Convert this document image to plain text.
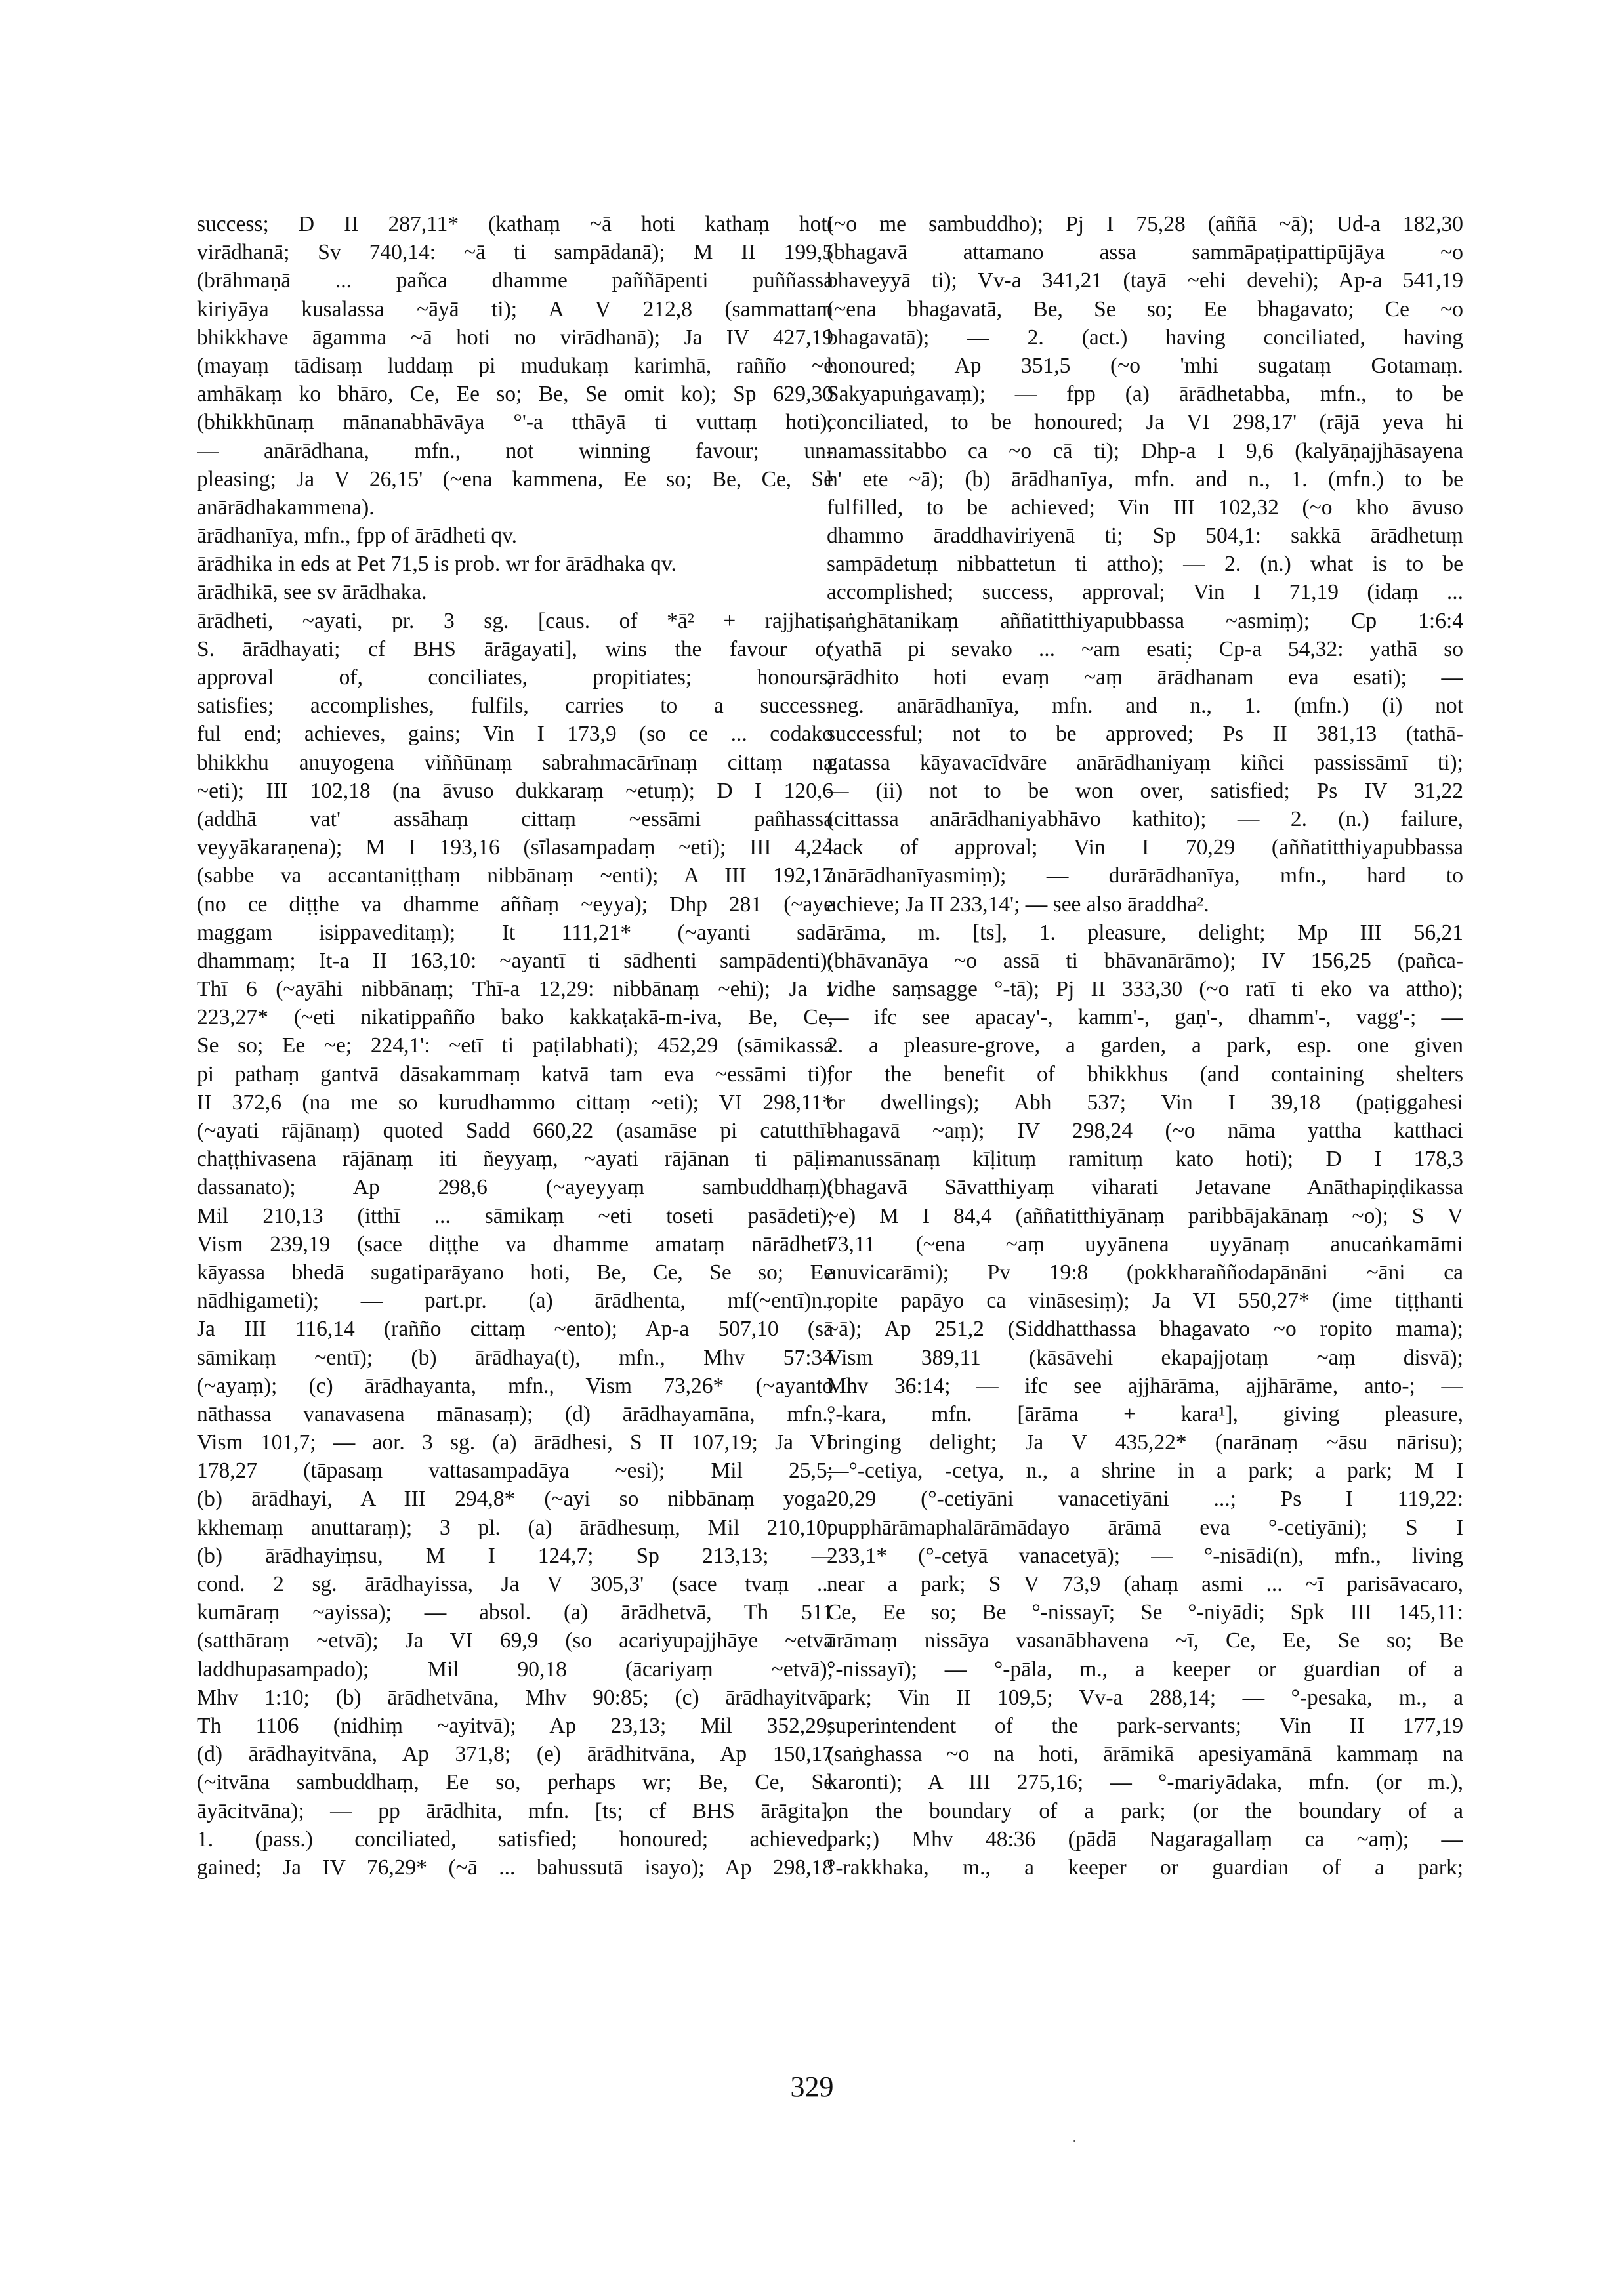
success; D II 287,11* (kathaṃ ~ā hoti kathaṃ hoti
virādhanā; Sv 740,14: ~ā ti sampādanā); M II 199,5
(brāhmaṇā ... pañca dhamme paññāpenti puññassa
kiriyāya kusalassa ~āyā ti); A V 212,8 (sammattam
bhikkhave āgamma ~ā hoti no virādhanā); Ja IV 427,19
(mayaṃ tādisaṃ luddaṃ pi mudukaṃ karimhā, rañño ~e
amhākaṃ ko bhāro, Ce, Ee so; Be, Se omit ko); Sp 629,30
(bhikkhūnaṃ mānanabhāvāya °'-a tthāyā ti vuttaṃ hoti);
— anārādhana, mfn., not winning favour; un-
pleasing; Ja V 26,15' (~ena kammena, Ee so; Be, Ce, Se
anārādhakammena).
ārādhanīya, mfn., fpp of ārādheti qv.
ārādhika in eds at Pet 71,5 is prob. wr for ārādhaka qv.
ārādhikā, see sv ārādhaka.
ārādheti, ~ayati, pr. 3 sg. [caus. of *ā² + rajjhati;
S. ārādhayati; cf BHS ārāgayati], wins the favour or
approval of, conciliates, propitiates; honours,
satisfies; accomplishes, fulfils, carries to a success-
ful end; achieves, gains; Vin I 173,9 (so ce ... codako
bhikkhu anuyogena viññūnaṃ sabrahmacārīnaṃ cittaṃ na
~eti); III 102,18 (na āvuso dukkaraṃ ~etuṃ); D I 120,6
(addhā vat' assāhaṃ cittaṃ ~essāmi pañhassa
veyyākaraṇena); M I 193,16 (sīlasampadaṃ ~eti); III 4,24
(sabbe va accantaniṭṭhaṃ nibbānaṃ ~enti); A III 192,17
(no ce diṭṭhe va dhamme aññaṃ ~eyya); Dhp 281 (~aye
maggam isippaveditaṃ); It 111,21* (~ayanti sad-
dhammaṃ; It-a II 163,10: ~ayantī ti sādhenti sampādenti);
Thī 6 (~ayāhi nibbānaṃ; Thī-a 12,29: nibbānaṃ ~ehi); Ja I
223,27* (~eti nikatippañño bako kakkaṭakā-m-iva, Be, Ce,
Se so; Ee ~e; 224,1': ~etī ti paṭilabhati); 452,29 (sāmikassa
pi pathaṃ gantvā dāsakammaṃ katvā tam eva ~essāmi ti);
II 372,6 (na me so kurudhammo cittaṃ ~eti); VI 298,11*
(~ayati rājānaṃ) quoted Sadd 660,22 (asamāse pi catutthī-
chaṭṭhivasena rājānaṃ iti ñeyyaṃ, ~ayati rājānan ti pāḷi-
dassanato); Ap 298,6 (~ayeyyaṃ sambuddhaṃ);
Mil 210,13 (itthī ... sāmikaṃ ~eti toseti pasādeti);
Vism 239,19 (sace diṭṭhe va dhamme amataṃ nārādheti
kāyassa bhedā sugatiparāyano hoti, Be, Ce, Se so; Ee
nādhigameti); — part.pr. (a) ārādhenta, mf(~entī)n.,
Ja III 116,14 (rañño cittaṃ ~ento); Ap-a 507,10 (sā
sāmikaṃ ~entī); (b) ārādhaya(t), mfn., Mhv 57:34
(~ayaṃ); (c) ārādhayanta, mfn., Vism 73,26* (~ayanto
nāthassa vanavasena mānasaṃ); (d) ārādhayamāna, mfn.,
Vism 101,7; — aor. 3 sg. (a) ārādhesi, S II 107,19; Ja VI
178,27 (tāpasaṃ vattasampadāya ~esi); Mil 25,5;
(b) ārādhayi, A III 294,8* (~ayi so nibbānaṃ yoga-
kkhemaṃ anuttaraṃ); 3 pl. (a) ārādhesuṃ, Mil 210,10;
(b) ārādhayiṃsu, M I 124,7; Sp 213,13; —
cond. 2 sg. ārādhayissa, Ja V 305,3' (sace tvaṃ ...
kumāraṃ ~ayissa); — absol. (a) ārādhetvā, Th 511
(satthāraṃ ~etvā); Ja VI 69,9 (so acariyupajjhāye ~etvā
laddhupasampado); Mil 90,18 (ācariyaṃ ~etvā);
Mhv 1:10; (b) ārādhetvāna, Mhv 90:85; (c) ārādhayitvā,
Th 1106 (nidhiṃ ~ayitvā); Ap 23,13; Mil 352,29;
(d) ārādhayitvāna, Ap 371,8; (e) ārādhitvāna, Ap 150,17
(~itvāna sambuddhaṃ, Ee so, perhaps wr; Be, Ce, Se
āyācitvāna); — pp ārādhita, mfn. [ts; cf BHS ārāgita],
1. (pass.) conciliated, satisfied; honoured; achieved,
gained; Ja IV 76,29* (~ā ... bahussutā isayo); Ap 298,18
(~o me sambuddho); Pj I 75,28 (aññā ~ā); Ud-a 182,30
(bhagavā attamano assa sammāpaṭipattipūjāya ~o
bhaveyyā ti); Vv-a 341,21 (tayā ~ehi devehi); Ap-a 541,19
(~ena bhagavatā, Be, Se so; Ee bhagavato; Ce ~o
bhagavatā); — 2. (act.) having conciliated, having
honoured; Ap 351,5 (~o 'mhi sugataṃ Gotamaṃ.
Sakyapuṅgavaṃ); — fpp (a) ārādhetabba, mfn., to be
conciliated, to be honoured; Ja VI 298,17' (rājā yeva hi
namassitabbo ca ~o cā ti); Dhp-a I 9,6 (kalyāṇajjhāsayena
h' ete ~ā); (b) ārādhanīya, mfn. and n., 1. (mfn.) to be
fulfilled, to be achieved; Vin III 102,32 (~o kho āvuso
dhammo āraddhaviriyenā ti; Sp 504,1: sakkā ārādhetuṃ
sampādetuṃ nibbattetun ti attho); — 2. (n.) what is to be
accomplished; success, approval; Vin I 71,19 (idaṃ ...
saṅghātanikaṃ aññatitthiyapubbassa ~asmiṃ); Cp 1:6:4
(yathā pi sevako ... ~am esati; Cp-a 54,32: yathā so
ārādhito hoti evaṃ ~aṃ ārādhanam eva esati); —
neg. anārādhanīya, mfn. and n., 1. (mfn.) (i) not
successful; not to be approved; Ps II 381,13 (tathā-
gatassa kāyavacīdvāre anārādhaniyaṃ kiñci passissāmī ti);
— (ii) not to be won over, satisfied; Ps IV 31,22
(cittassa anārādhaniyabhāvo kathito); — 2. (n.) failure,
lack of approval; Vin I 70,29 (aññatitthiyapubbassa
anārādhanīyasmiṃ); — durārādhanīya, mfn., hard to
achieve; Ja II 233,14'; — see also āraddha².
ārāma, m. [ts], 1. pleasure, delight; Mp III 56,21
(bhāvanāya ~o assā ti bhāvanārāmo); IV 156,25 (pañca-
vidhe saṃsagge °-tā); Pj II 333,30 (~o ratī ti eko va attho);
— ifc see apacay'-, kamm'-, gaṇ'-, dhamm'-, vagg'-; —
2. a pleasure-grove, a garden, a park, esp. one given
for the benefit of bhikkhus (and containing shelters
or dwellings); Abh 537; Vin I 39,18 (paṭiggahesi
bhagavā ~aṃ); IV 298,24 (~o nāma yattha katthaci
manussānaṃ kīḷituṃ ramituṃ kato hoti); D I 178,3
(bhagavā Sāvatthiyaṃ viharati Jetavane Anāthapiṇḍikassa
~e) M I 84,4 (aññatitthiyānaṃ paribbājakānaṃ ~o); S V
73,11 (~ena ~aṃ uyyānena uyyānaṃ anucaṅkamāmi
anuvicarāmi); Pv 19:8 (pokkharaññodapānāni ~āni ca
ropite papāyo ca vināsesiṃ); Ja VI 550,27* (ime tiṭṭhanti
~ā); Ap 251,2 (Siddhatthassa bhagavato ~o ropito mama);
Vism 389,11 (kāsāvehi ekapajjotaṃ ~aṃ disvā);
Mhv 36:14; — ifc see ajjhārāma, ajjhārāme, anto-; —
°-kara, mfn. [ārāma + kara¹], giving pleasure,
bringing delight; Ja V 435,22* (narānaṃ ~āsu nārisu);
—°-cetiya, -cetya, n., a shrine in a park; a park; M I
20,29 (°-cetiyāni vanacetiyāni ...; Ps I 119,22:
pupphārāmaphalārāmādayo ārāmā eva °-cetiyāni); S I
233,1* (°-cetyā vanacetyā); — °-nisādi(n), mfn., living
near a park; S V 73,9 (ahaṃ asmi ... ~ī parisāvacaro,
Ce, Ee so; Be °-nissayī; Se °-niyādi; Spk III 145,11:
ārāmaṃ nissāya vasanābhavena ~ī, Ce, Ee, Se so; Be
°-nissayī); — °-pāla, m., a keeper or guardian of a
park; Vin II 109,5; Vv-a 288,14; — °-pesaka, m., a
superintendent of the park-servants; Vin II 177,19
(saṅghassa ~o na hoti, ārāmikā apesiyamānā kammaṃ na
karonti); A III 275,16; — °-mariyādaka, mfn. (or m.),
on the boundary of a park; (or the boundary of a
park;) Mhv 48:36 (pādā Nagaragallaṃ ca ~aṃ); —
°-rakkhaka, m., a keeper or guardian of a park;
329
